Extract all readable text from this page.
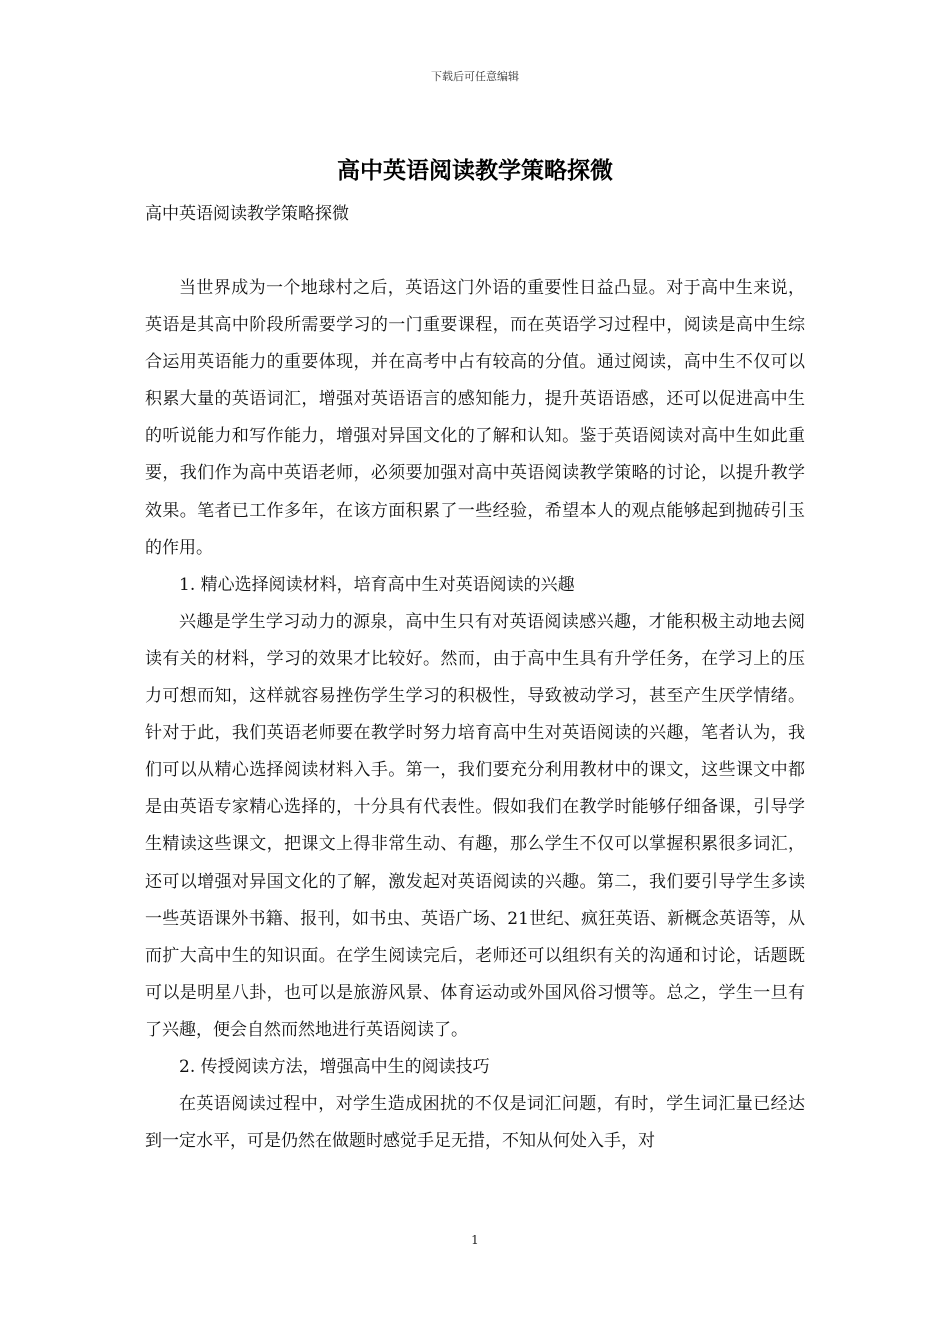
下载后可任意编辑
高中英语阅读教学策略探微
高中英语阅读教学策略探微

当世界成为一个地球村之后，英语这门外语的重要性日益凸显。对于高中生来说，英语是其高中阶段所需要学习的一门重要课程，而在英语学习过程中，阅读是高中生综合运用英语能力的重要体现，并在高考中占有较高的分值。通过阅读，高中生不仅可以积累大量的英语词汇，增强对英语语言的感知能力，提升英语语感，还可以促进高中生的听说能力和写作能力，增强对异国文化的了解和认知。鉴于英语阅读对高中生如此重要，我们作为高中英语老师，必须要加强对高中英语阅读教学策略的讨论，以提升教学效果。笔者已工作多年，在该方面积累了一些经验，希望本人的观点能够起到抛砖引玉的作用。

1. 精心选择阅读材料，培育高中生对英语阅读的兴趣

兴趣是学生学习动力的源泉，高中生只有对英语阅读感兴趣，才能积极主动地去阅读有关的材料，学习的效果才比较好。然而，由于高中生具有升学任务，在学习上的压力可想而知，这样就容易挫伤学生学习的积极性，导致被动学习，甚至产生厌学情绪。针对于此，我们英语老师要在教学时努力培育高中生对英语阅读的兴趣，笔者认为，我们可以从精心选择阅读材料入手。第一，我们要充分利用教材中的课文，这些课文中都是由英语专家精心选择的，十分具有代表性。假如我们在教学时能够仔细备课，引导学生精读这些课文，把课文上得非常生动、有趣，那么学生不仅可以掌握积累很多词汇，还可以增强对异国文化的了解，激发起对英语阅读的兴趣。第二，我们要引导学生多读一些英语课外书籍、报刊，如书虫、英语广场、21世纪、疯狂英语、新概念英语等，从而扩大高中生的知识面。在学生阅读完后，老师还可以组织有关的沟通和讨论，话题既可以是明星八卦，也可以是旅游风景、体育运动或外国风俗习惯等。总之，学生一旦有了兴趣，便会自然而然地进行英语阅读了。

2. 传授阅读方法，增强高中生的阅读技巧

在英语阅读过程中，对学生造成困扰的不仅是词汇问题，有时，学生词汇量已经达到一定水平，可是仍然在做题时感觉手足无措，不知从何处入手，对

1
